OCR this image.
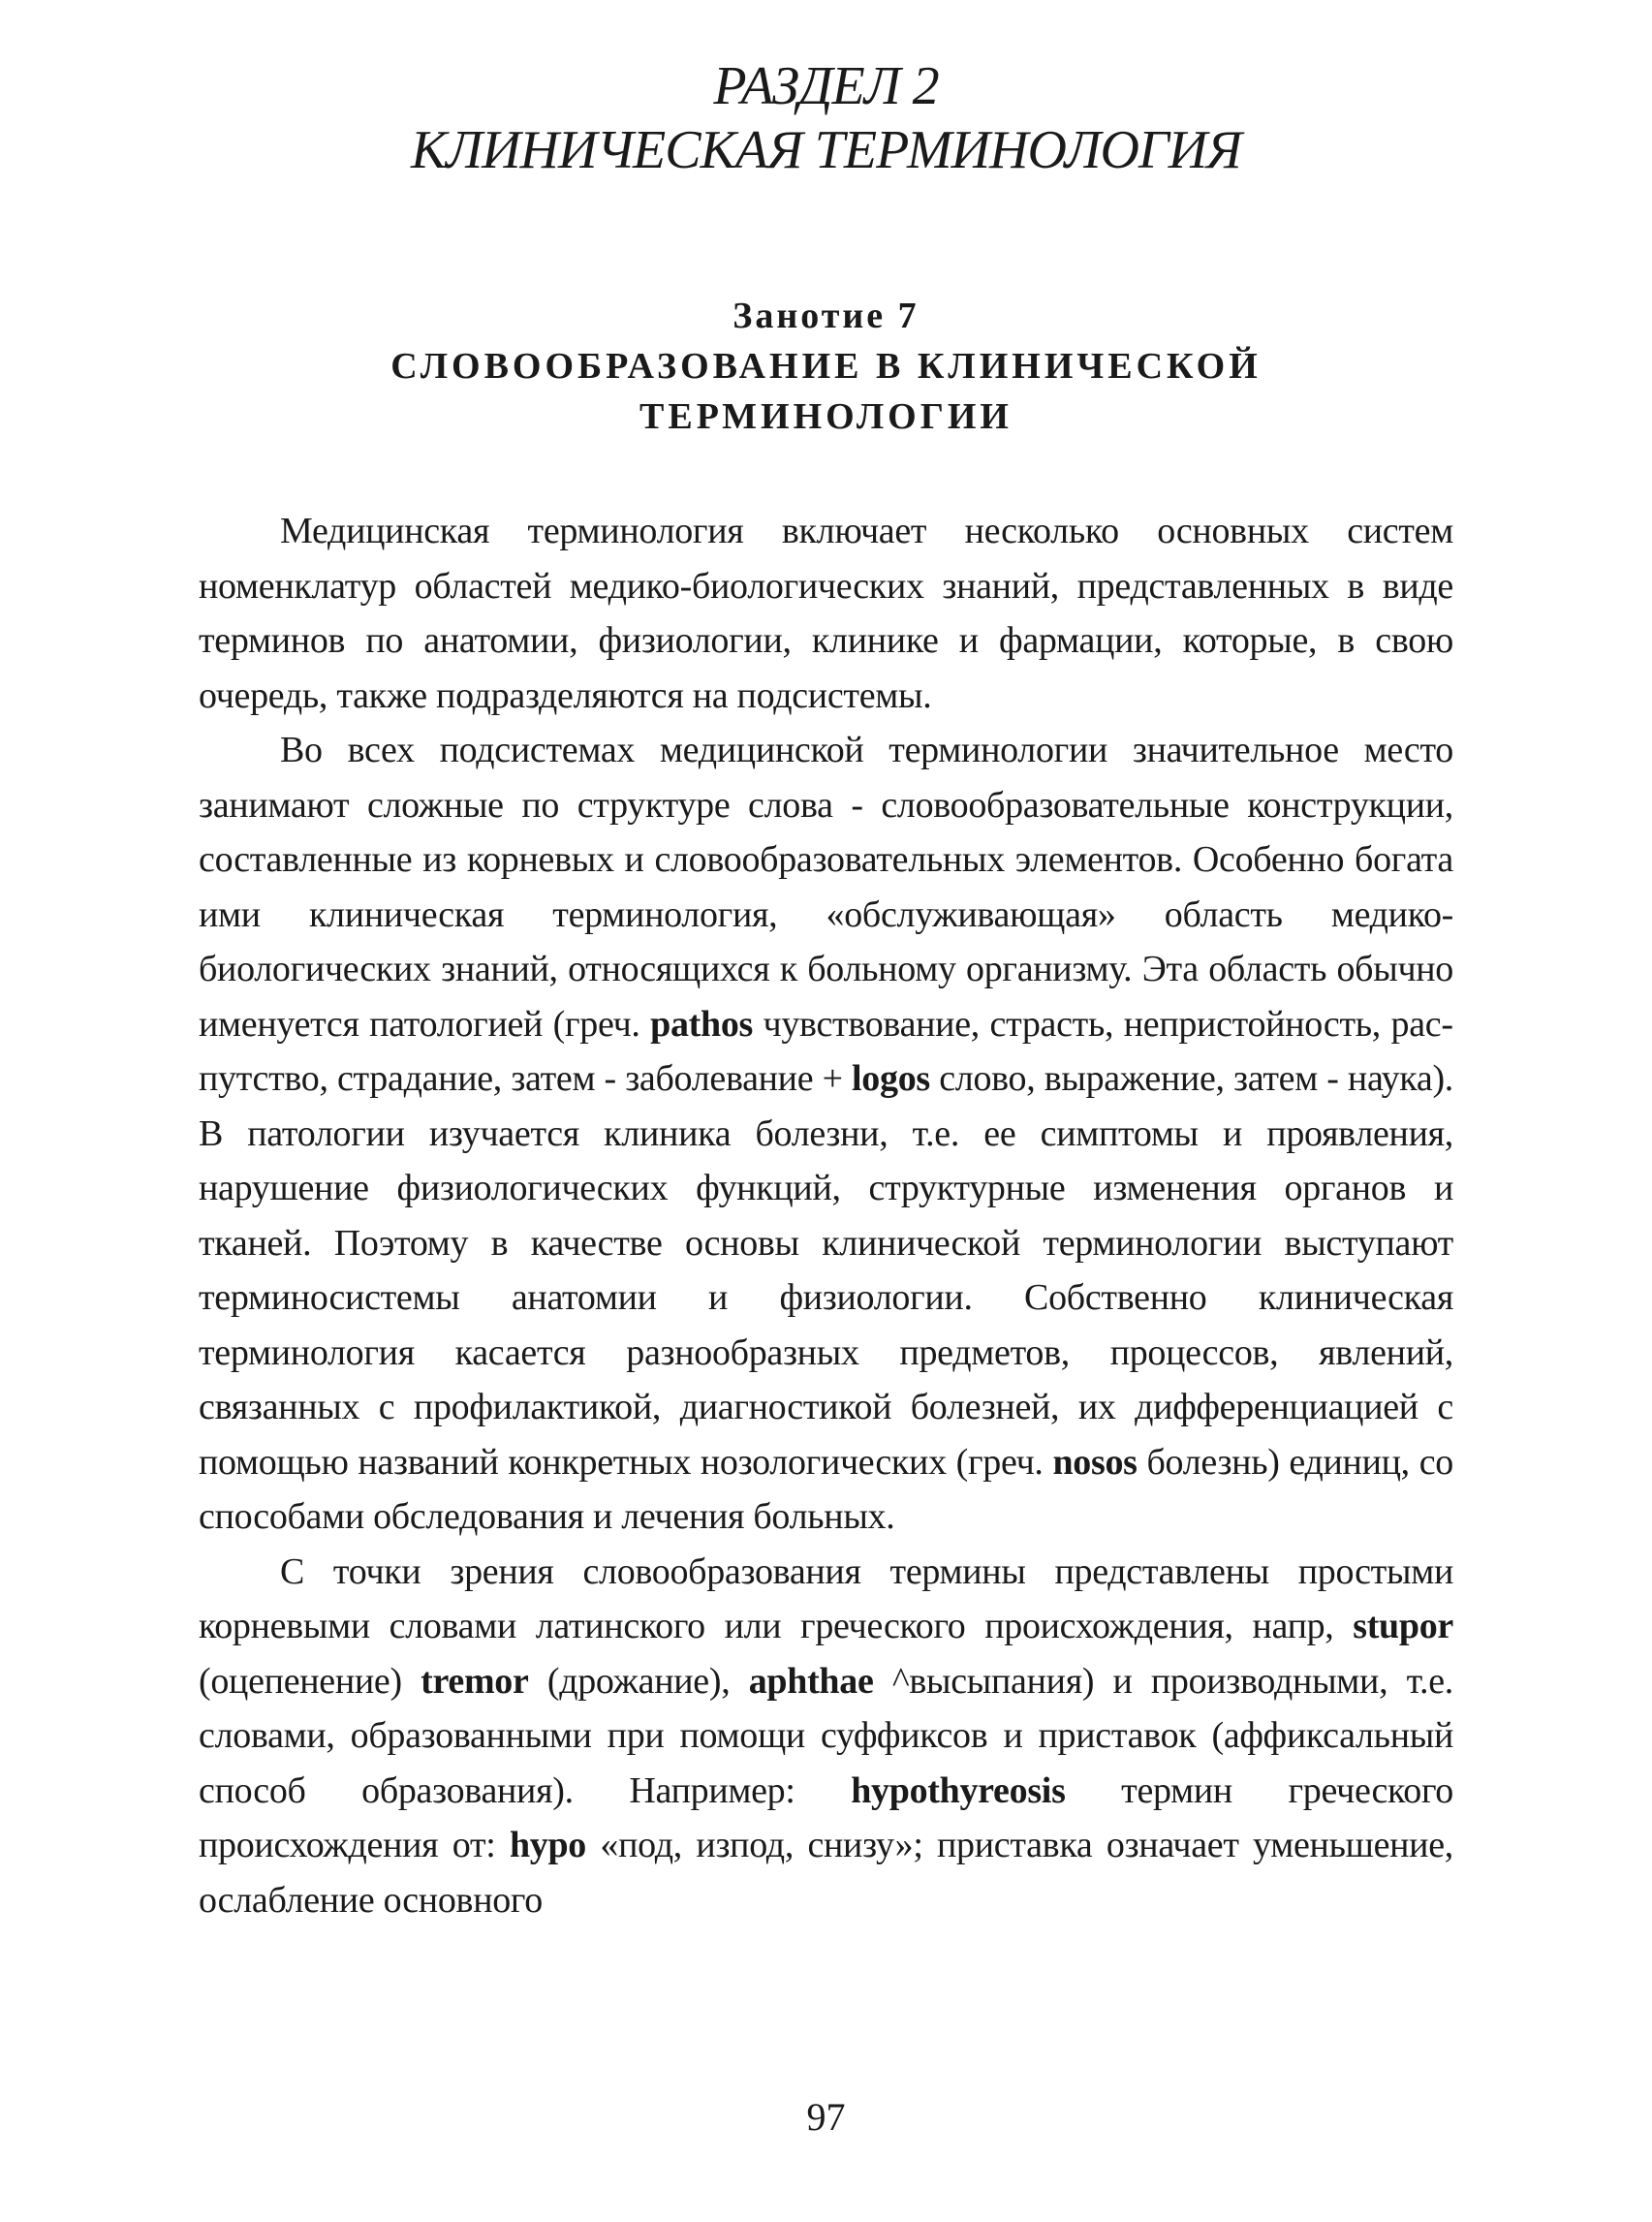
РАЗДЕЛ 2
КЛИНИЧЕСКАЯ ТЕРМИНОЛОГИЯ
Занотие 7
СЛОВООБРАЗОВАНИЕ В КЛИНИЧЕСКОЙ ТЕРМИНОЛОГИИ

Медицинская терминология включает несколько основных систем номенклатур областей медико-биологических знаний, представленных в виде терминов по анатомии, физиологии, клинике и фармации, которые, в свою очередь, также подразделяются на подсистемы.

Во всех подсистемах медицинской терминологии значительное место занимают сложные по структуре слова - словообразовательные конструкции, составленные из корневых и словообразовательных элементов. Особенно богата ими клиническая терминология, «обслуживающая» область медико-биологических знаний, относящихся к больному организму. Эта область обычно именуется патологией (греч. pathos чувствование, страсть, непристойность, распутство, страдание, затем - заболевание + logos слово, выражение, затем - наука). В патологии изучается клиника болезни, т.е. ее симптомы и проявления, нарушение физиологических функций, структурные изменения органов и тканей. Поэтому в качестве основы клинической терминологии выступают терминосистемы анатомии и физиологии. Собственно клиническая терминология касается разнообразных предметов, процессов, явлений, связанных с профилактикой, диагностикой болезней, их дифференциацией с помощью названий конкретных нозологических (греч. nosos болезнь) единиц, со способами обследования и лечения больных.

С точки зрения словообразования термины представлены простыми корневыми словами латинского или греческого происхождения, напр, stupor (оцепенение) tremor (дрожание), aphthae ^высыпания) и производными, т.е. словами, образованными при помощи суффиксов и приставок (аффиксальный способ образования). Например: hypothyreosis термин греческого происхождения от: hypo «под, изпод, снизу»; приставка означает уменьшение, ослабление основного

97
